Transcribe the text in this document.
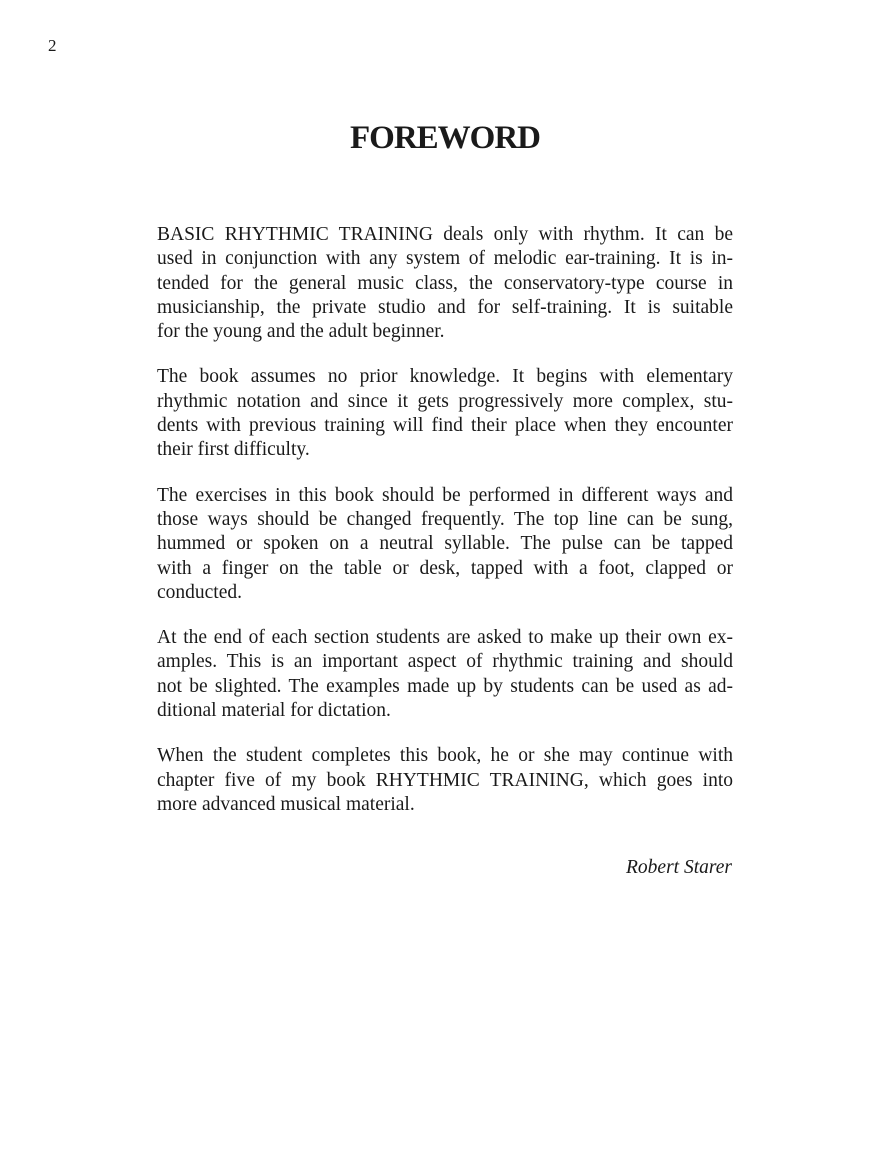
2
FOREWORD

BASIC RHYTHMIC TRAINING deals only with rhythm. It can be
used in conjunction with any system of melodic ear-training. It is in-
tended for the general music class, the conservatory-type course in
musicianship, the private studio and for self-training. It is suitable
for the young and the adult beginner.

The book assumes no prior knowledge. It begins with elementary
rhythmic notation and since it gets progressively more complex, stu-
dents with previous training will find their place when they encounter
their first difficulty.

The exercises in this book should be performed in different ways and
those ways should be changed frequently. The top line can be sung,
hummed or spoken on a neutral syllable. The pulse can be tapped
with a finger on the table or desk, tapped with a foot, clapped or
conducted.

At the end of each section students are asked to make up their own ex-
amples. This is an important aspect of rhythmic training and should
not be slighted. The examples made up by students can be used as ad-
ditional material for dictation.

When the student completes this book, he or she may continue with
chapter five of my book RHYTHMIC TRAINING, which goes into
more advanced musical material.

Robert Starer
